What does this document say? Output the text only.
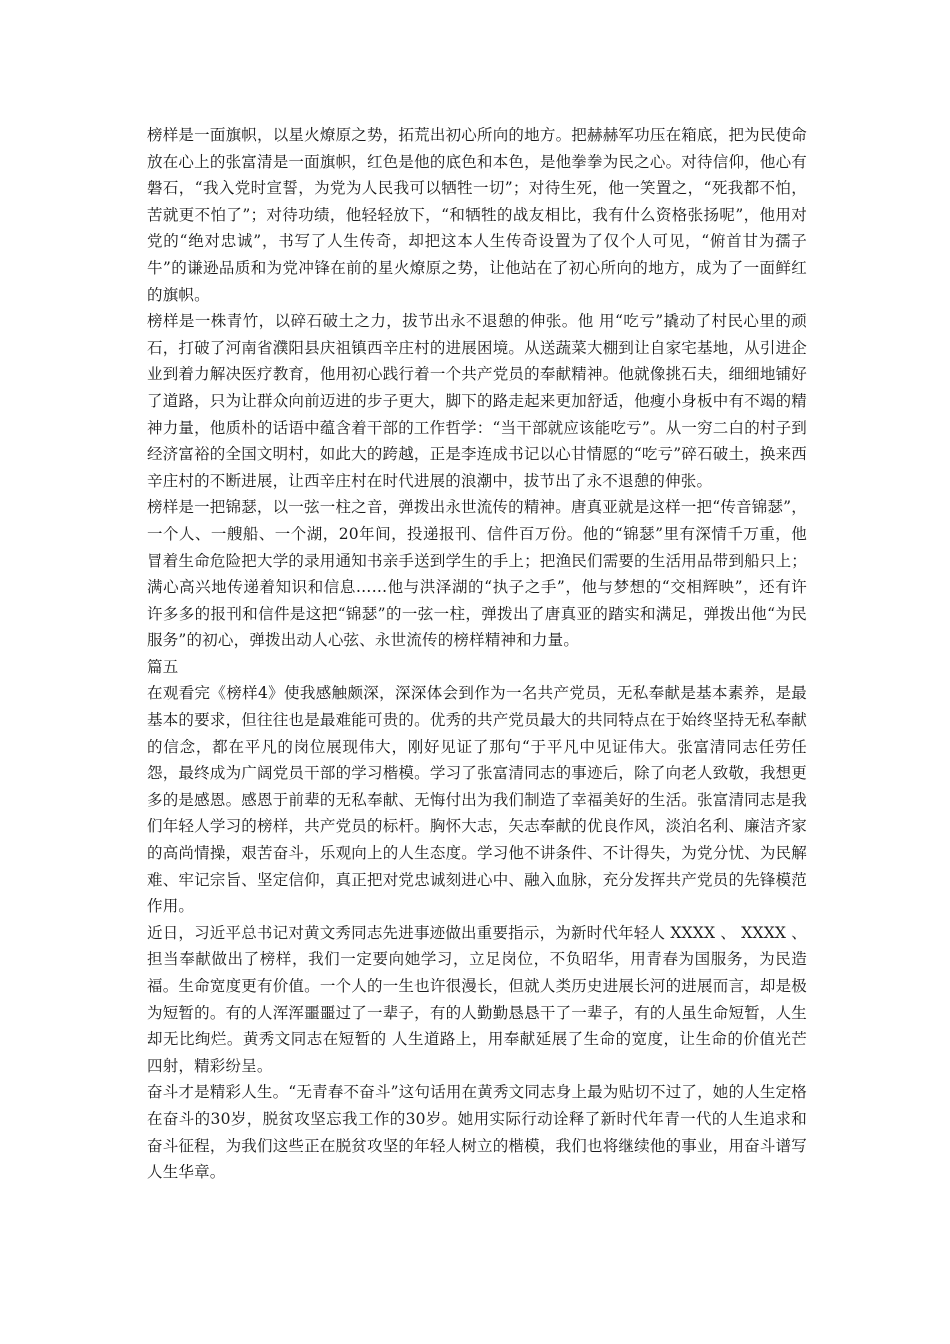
榜样是一面旗帜，以星火燎原之势，拓荒出初心所向的地方。把赫赫军功压在箱底，把为民使命放在心上的张富清是一面旗帜，红色是他的底色和本色，是他拳拳为民之心。对待信仰，他心有磐石，“我入党时宣誓，为党为人民我可以牺牲一切”；对待生死，他一笑置之，“死我都不怕，苦就更不怕了”；对待功绩，他轻轻放下，“和牺牲的战友相比，我有什么资格张扬呢”，他用对党的“绝对忠诚”，书写了人生传奇，却把这本人生传奇设置为了仅个人可见，“俯首甘为孺子牛”的谦逊品质和为党冲锋在前的星火燎原之势，让他站在了初心所向的地方，成为了一面鲜红的旗帜。

榜样是一株青竹，以碎石破土之力，拔节出永不退憩的伸张。他 用“吃亏”撬动了村民心里的顽石，打破了河南省濮阳县庆祖镇西辛庄村的进展困境。从送蔬菜大棚到让自家宅基地，从引进企业到着力解决医疗教育，他用初心践行着一个共产党员的奉献精神。他就像挑石夫，细细地铺好了道路，只为让群众向前迈进的步子更大，脚下的路走起来更加舒适，他瘦小身板中有不竭的精神力量，他质朴的话语中蕴含着干部的工作哲学：“当干部就应该能吃亏”。从一穷二白的村子到经济富裕的全国文明村，如此大的跨越，正是李连成书记以心甘情愿的“吃亏”碎石破土，换来西辛庄村的不断进展，让西辛庄村在时代进展的浪潮中，拔节出了永不退憩的伸张。

榜样是一把锦瑟，以一弦一柱之音，弹拨出永世流传的精神。唐真亚就是这样一把“传音锦瑟”，一个人、一艘船、一个湖，20年间，投递报刊、信件百万份。他的“锦瑟”里有深情千万重，他冒着生命危险把大学的录用通知书亲手送到学生的手上；把渔民们需要的生活用品带到船只上；满心高兴地传递着知识和信息……他与洪泽湖的“执子之手”，他与梦想的“交相辉映”，还有许许多多的报刊和信件是这把“锦瑟”的一弦一柱，弹拨出了唐真亚的踏实和满足，弹拨出他“为民服务”的初心，弹拨出动人心弦、永世流传的榜样精神和力量。

篇五

在观看完《榜样4》使我感触颇深，深深体会到作为一名共产党员，无私奉献是基本素养，是最基本的要求，但往往也是最难能可贵的。优秀的共产党员最大的共同特点在于始终坚持无私奉献的信念，都在平凡的岗位展现伟大，刚好见证了那句“于平凡中见证伟大。张富清同志任劳任怨，最终成为广阔党员干部的学习楷模。学习了张富清同志的事迹后，除了向老人致敬，我想更多的是感恩。感恩于前辈的无私奉献、无悔付出为我们制造了幸福美好的生活。张富清同志是我们年轻人学习的榜样，共产党员的标杆。胸怀大志，矢志奉献的优良作风，淡泊名利、廉洁齐家的高尚情操，艰苦奋斗，乐观向上的人生态度。学习他不讲条件、不计得失，为党分忧、为民解难、牢记宗旨、坚定信仰，真正把对党忠诚刻进心中、融入血脉，充分发挥共产党员的先锋模范作用。

近日，习近平总书记对黄文秀同志先进事迹做出重要指示，为新时代年轻人 XXXX 、 XXXX 、担当奉献做出了榜样，我们一定要向她学习，立足岗位，不负昭华，用青春为国服务，为民造福。生命宽度更有价值。一个人的一生也许很漫长，但就人类历史进展长河的进展而言，却是极为短暂的。有的人浑浑噩噩过了一辈子，有的人勤勤恳恳干了一辈子，有的人虽生命短暂，人生却无比绚烂。黄秀文同志在短暂的 人生道路上，用奉献延展了生命的宽度，让生命的价值光芒四射，精彩纷呈。

奋斗才是精彩人生。“无青春不奋斗”这句话用在黄秀文同志身上最为贴切不过了，她的人生定格在奋斗的30岁，脱贫攻坚忘我工作的30岁。她用实际行动诠释了新时代年青一代的人生追求和奋斗征程，为我们这些正在脱贫攻坚的年轻人树立的楷模，我们也将继续他的事业，用奋斗谱写人生华章。
